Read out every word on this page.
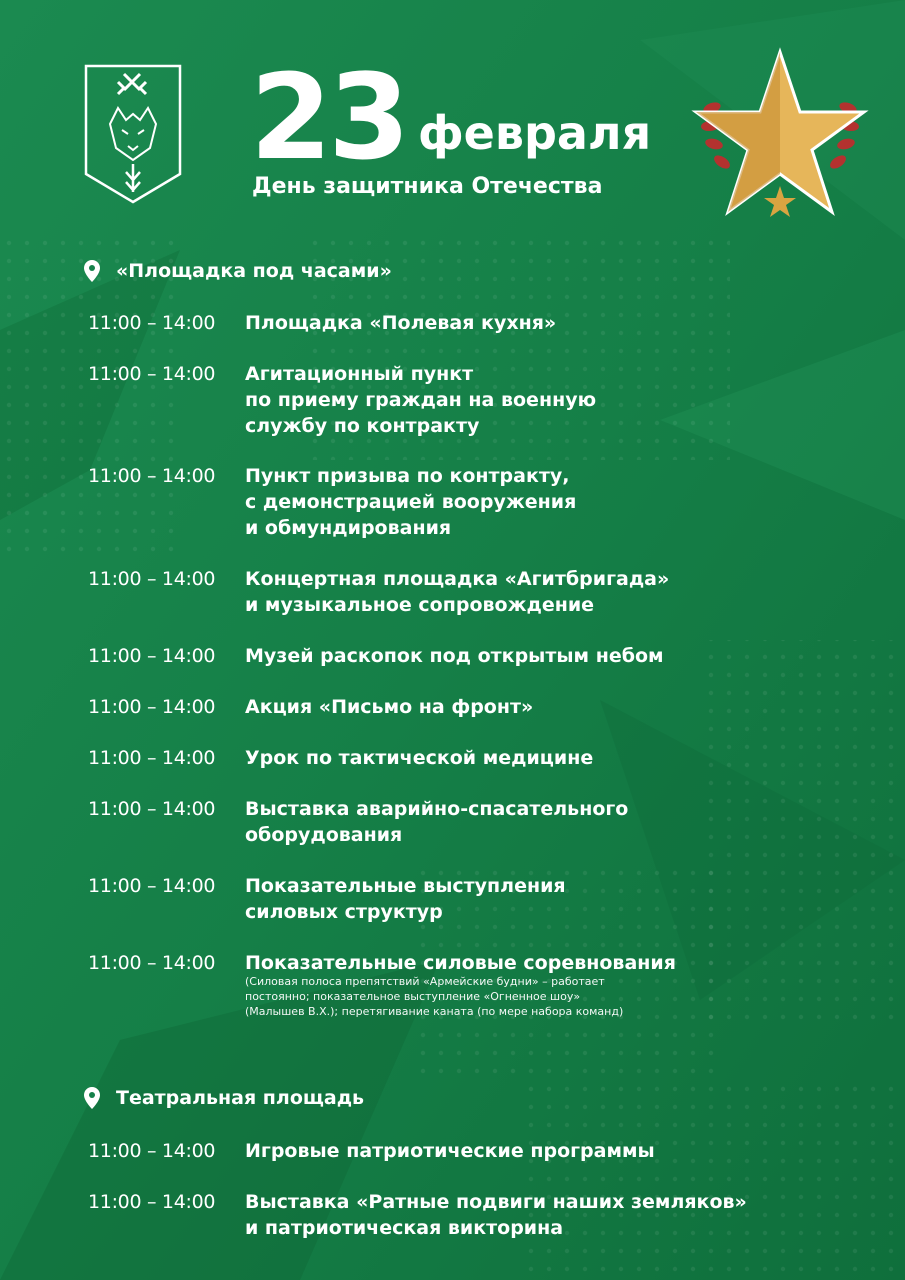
23 февраля
День защитника Отечества
«Площадка под часами»
11:00 – 14:00 Площадка «Полевая кухня»
11:00 – 14:00 Агитационный пункт
по приему граждан на военную
службу по контракту
11:00 – 14:00 Пункт призыва по контракту,
с демонстрацией вооружения
и обмундирования
11:00 – 14:00 Концертная площадка «Агитбригада»
и музыкальное сопровождение
11:00 – 14:00 Музей раскопок под открытым небом
11:00 – 14:00 Акция «Письмо на фронт»
11:00 – 14:00 Урок по тактической медицине
11:00 – 14:00 Выставка аварийно-спасательного
оборудования
11:00 – 14:00 Показательные выступления
силовых структур
11:00 – 14:00 Показательные силовые соревнования
(Силовая полоса препятствий «Армейские будни» – работает
постоянно; показательное выступление «Огненное шоу»
(Малышев В.Х.); перетягивание каната (по мере набора команд)
Театральная площадь
11:00 – 14:00 Игровые патриотические программы
11:00 – 14:00 Выставка «Ратные подвиги наших земляков»
и патриотическая викторина
